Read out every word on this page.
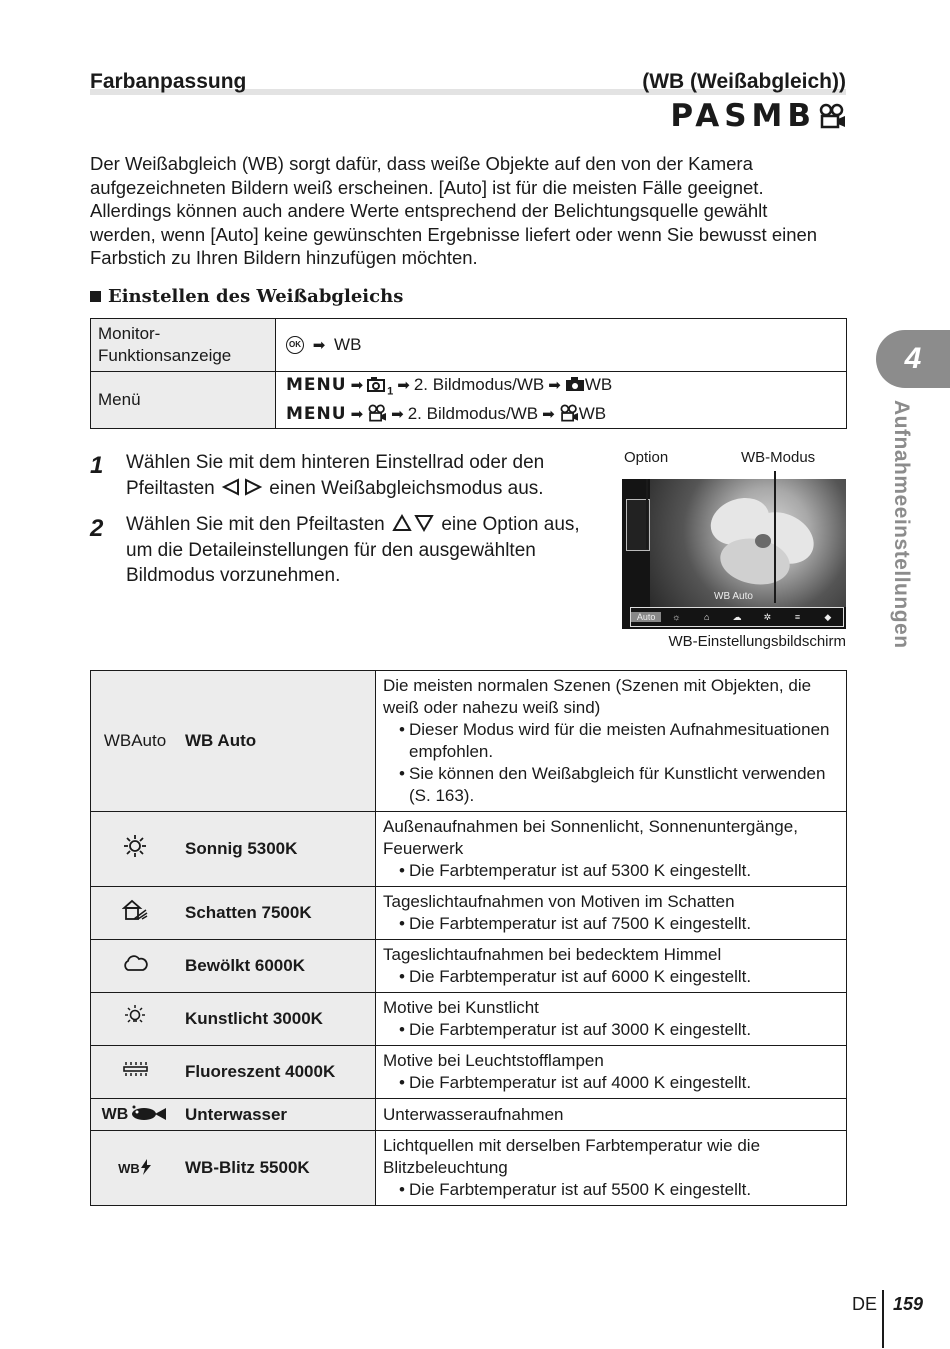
Farbanpassung	(WB (Weißabgleich))
PASMB
Der Weißabgleich (WB) sorgt dafür, dass weiße Objekte auf den von der Kamera aufgezeichneten Bildern weiß erscheinen. [Auto] ist für die meisten Fälle geeignet. Allerdings können auch andere Werte entsprechend der Belichtungsquelle gewählt werden, wenn [Auto] keine gewünschten Ergebnisse liefert oder wenn Sie bewusst einen Farbstich zu Ihren Bildern hinzufügen möchten.
Einstellen des Weißabgleichs
Monitor-Funktionsanzeige	OK ➡ WB
Menü	MENU ➡ $_1$ ➡ 2. Bildmodus/WB ➡ WB
MENU ➡ ➡ 2. Bildmodus/WB ➡ WB
1 Wählen Sie mit dem hinteren Einstellrad oder den Pfeiltasten	einen Weißabgleichsmodus aus.
2 Wählen Sie mit den Pfeiltasten	eine Option aus, um die Detaileinstellungen für den ausgewählten Bildmodus vorzunehmen.
Option	WB-Modus
WB Auto
Auto	☼	⌂	☁	✲	≡	◆
WB-Einstellungsbildschirm
WBAuto	WB Auto	Die meisten normalen Szenen (Szenen mit Objekten, die weiß oder nahezu weiß sind)
• Dieser Modus wird für die meisten Aufnahmesituationen empfohlen.
• Sie können den Weißabgleich für Kunstlicht verwenden (S. 163).

	Sonnig 5300K	Außenaufnahmen bei Sonnenlicht, Sonnenuntergänge, Feuerwerk
• Die Farbtemperatur ist auf 5300 K eingestellt.

	Schatten 7500K	Tageslichtaufnahmen von Motiven im Schatten
• Die Farbtemperatur ist auf 7500 K eingestellt.

	Bewölkt 6000K	Tageslichtaufnahmen bei bedecktem Himmel
• Die Farbtemperatur ist auf 6000 K eingestellt.

	Kunstlicht 3000K	Motive bei Kunstlicht
• Die Farbtemperatur ist auf 3000 K eingestellt.

	Fluoreszent 4000K	Motive bei Leuchtstofflampen
• Die Farbtemperatur ist auf 4000 K eingestellt.

WB	Unterwasser	Unterwasseraufnahmen

WB	WB-Blitz 5500K	Lichtquellen mit derselben Farbtemperatur wie die Blitzbeleuchtung
• Die Farbtemperatur ist auf 5500 K eingestellt.
4
Aufnahmeeinstellungen
DE 159
